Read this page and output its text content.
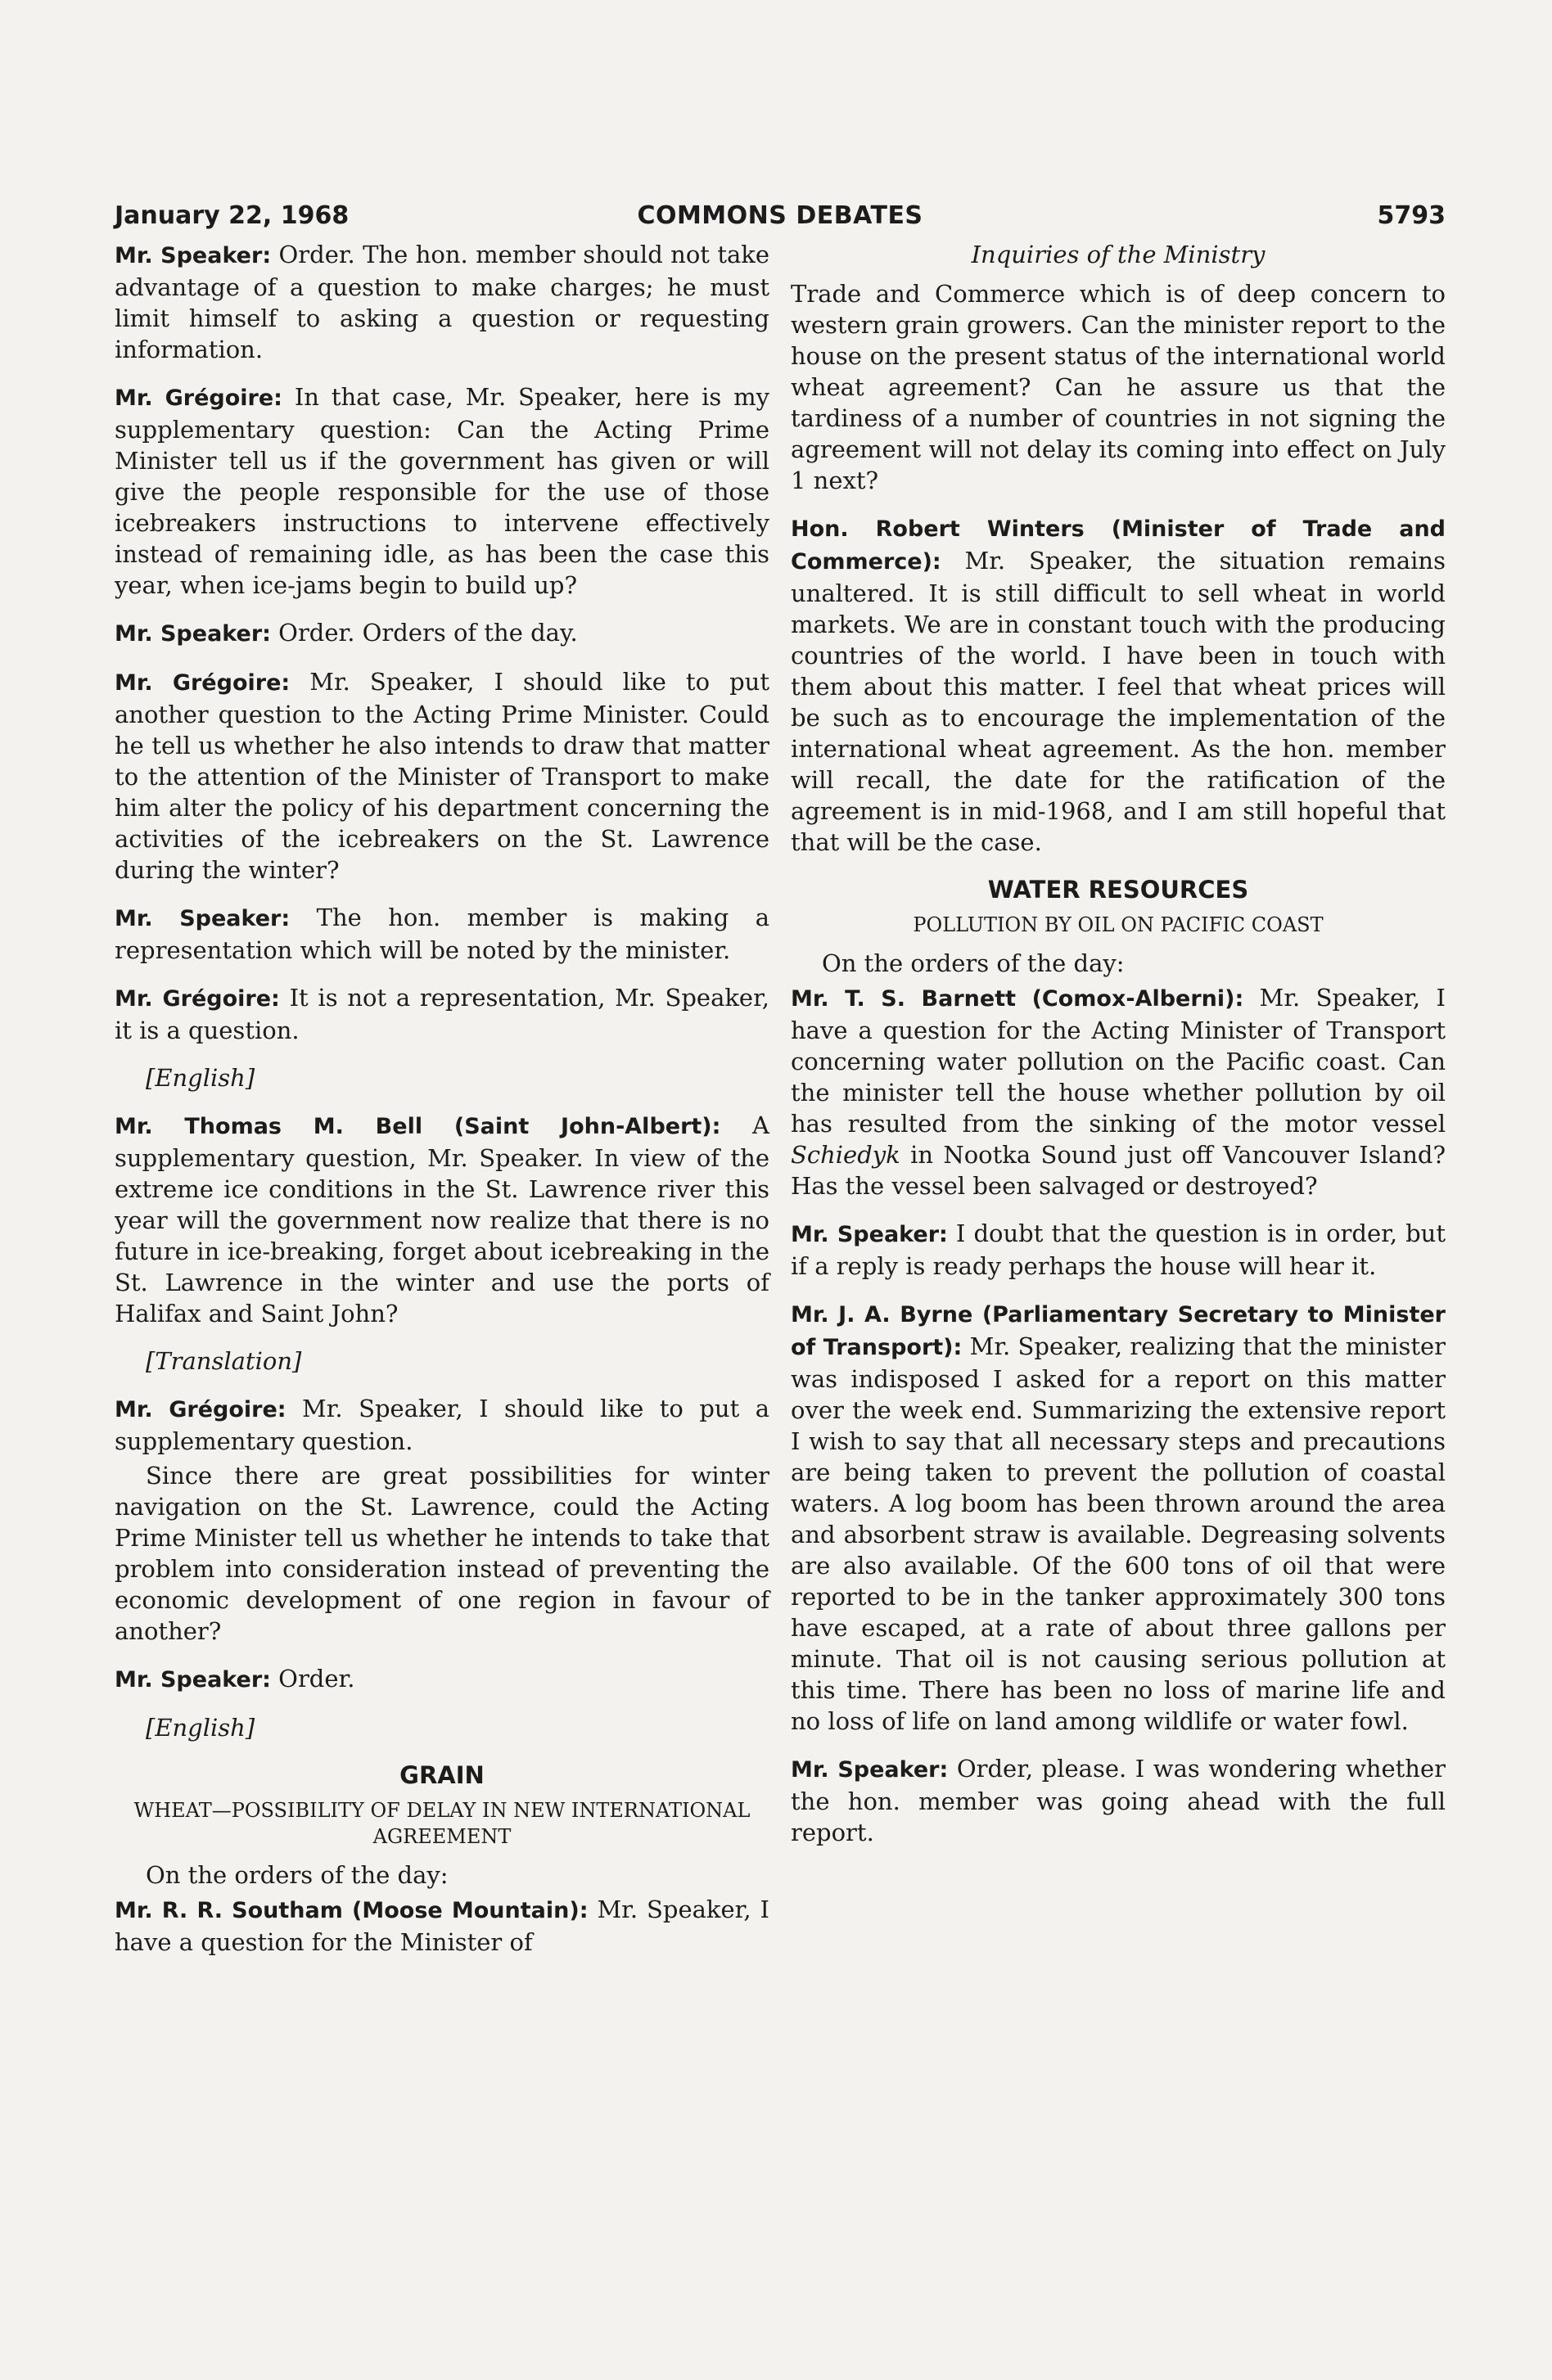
January 22, 1968	COMMONS DEBATES	5793

Mr. Speaker: Order. The hon. member should not take advantage of a question to make charges; he must limit himself to asking a question or requesting information.

Mr. Grégoire: In that case, Mr. Speaker, here is my supplementary question: Can the Acting Prime Minister tell us if the government has given or will give the people responsible for the use of those icebreakers instructions to intervene effectively instead of remaining idle, as has been the case this year, when ice-jams begin to build up?

Mr. Speaker: Order. Orders of the day.

Mr. Grégoire: Mr. Speaker, I should like to put another question to the Acting Prime Minister. Could he tell us whether he also intends to draw that matter to the attention of the Minister of Transport to make him alter the policy of his department concerning the activities of the icebreakers on the St. Lawrence during the winter?

Mr. Speaker: The hon. member is making a representation which will be noted by the minister.

Mr. Grégoire: It is not a representation, Mr. Speaker, it is a question.

[English]

Mr. Thomas M. Bell (Saint John-Albert): A supplementary question, Mr. Speaker. In view of the extreme ice conditions in the St. Lawrence river this year will the government now realize that there is no future in ice-breaking, forget about icebreaking in the St. Lawrence in the winter and use the ports of Halifax and Saint John?

[Translation]

Mr. Grégoire: Mr. Speaker, I should like to put a supplementary question.

Since there are great possibilities for winter navigation on the St. Lawrence, could the Acting Prime Minister tell us whether he intends to take that problem into consideration instead of preventing the economic development of one region in favour of another?

Mr. Speaker: Order.

[English]

GRAIN
WHEAT—POSSIBILITY OF DELAY IN NEW INTERNATIONAL AGREEMENT

On the orders of the day:

Mr. R. R. Southam (Moose Mountain): Mr. Speaker, I have a question for the Minister of

Inquiries of the Ministry

Trade and Commerce which is of deep concern to western grain growers. Can the minister report to the house on the present status of the international world wheat agreement? Can he assure us that the tardiness of a number of countries in not signing the agreement will not delay its coming into effect on July 1 next?

Hon. Robert Winters (Minister of Trade and Commerce): Mr. Speaker, the situation remains unaltered. It is still difficult to sell wheat in world markets. We are in constant touch with the producing countries of the world. I have been in touch with them about this matter. I feel that wheat prices will be such as to encourage the implementation of the international wheat agreement. As the hon. member will recall, the date for the ratification of the agreement is in mid-1968, and I am still hopeful that that will be the case.

WATER RESOURCES
POLLUTION BY OIL ON PACIFIC COAST

On the orders of the day:

Mr. T. S. Barnett (Comox-Alberni): Mr. Speaker, I have a question for the Acting Minister of Transport concerning water pollution on the Pacific coast. Can the minister tell the house whether pollution by oil has resulted from the sinking of the motor vessel Schiedyk in Nootka Sound just off Vancouver Island? Has the vessel been salvaged or destroyed?

Mr. Speaker: I doubt that the question is in order, but if a reply is ready perhaps the house will hear it.

Mr. J. A. Byrne (Parliamentary Secretary to Minister of Transport): Mr. Speaker, realizing that the minister was indisposed I asked for a report on this matter over the week end. Summarizing the extensive report I wish to say that all necessary steps and precautions are being taken to prevent the pollution of coastal waters. A log boom has been thrown around the area and absorbent straw is available. Degreasing solvents are also available. Of the 600 tons of oil that were reported to be in the tanker approximately 300 tons have escaped, at a rate of about three gallons per minute. That oil is not causing serious pollution at this time. There has been no loss of marine life and no loss of life on land among wildlife or water fowl.

Mr. Speaker: Order, please. I was wondering whether the hon. member was going ahead with the full report.
